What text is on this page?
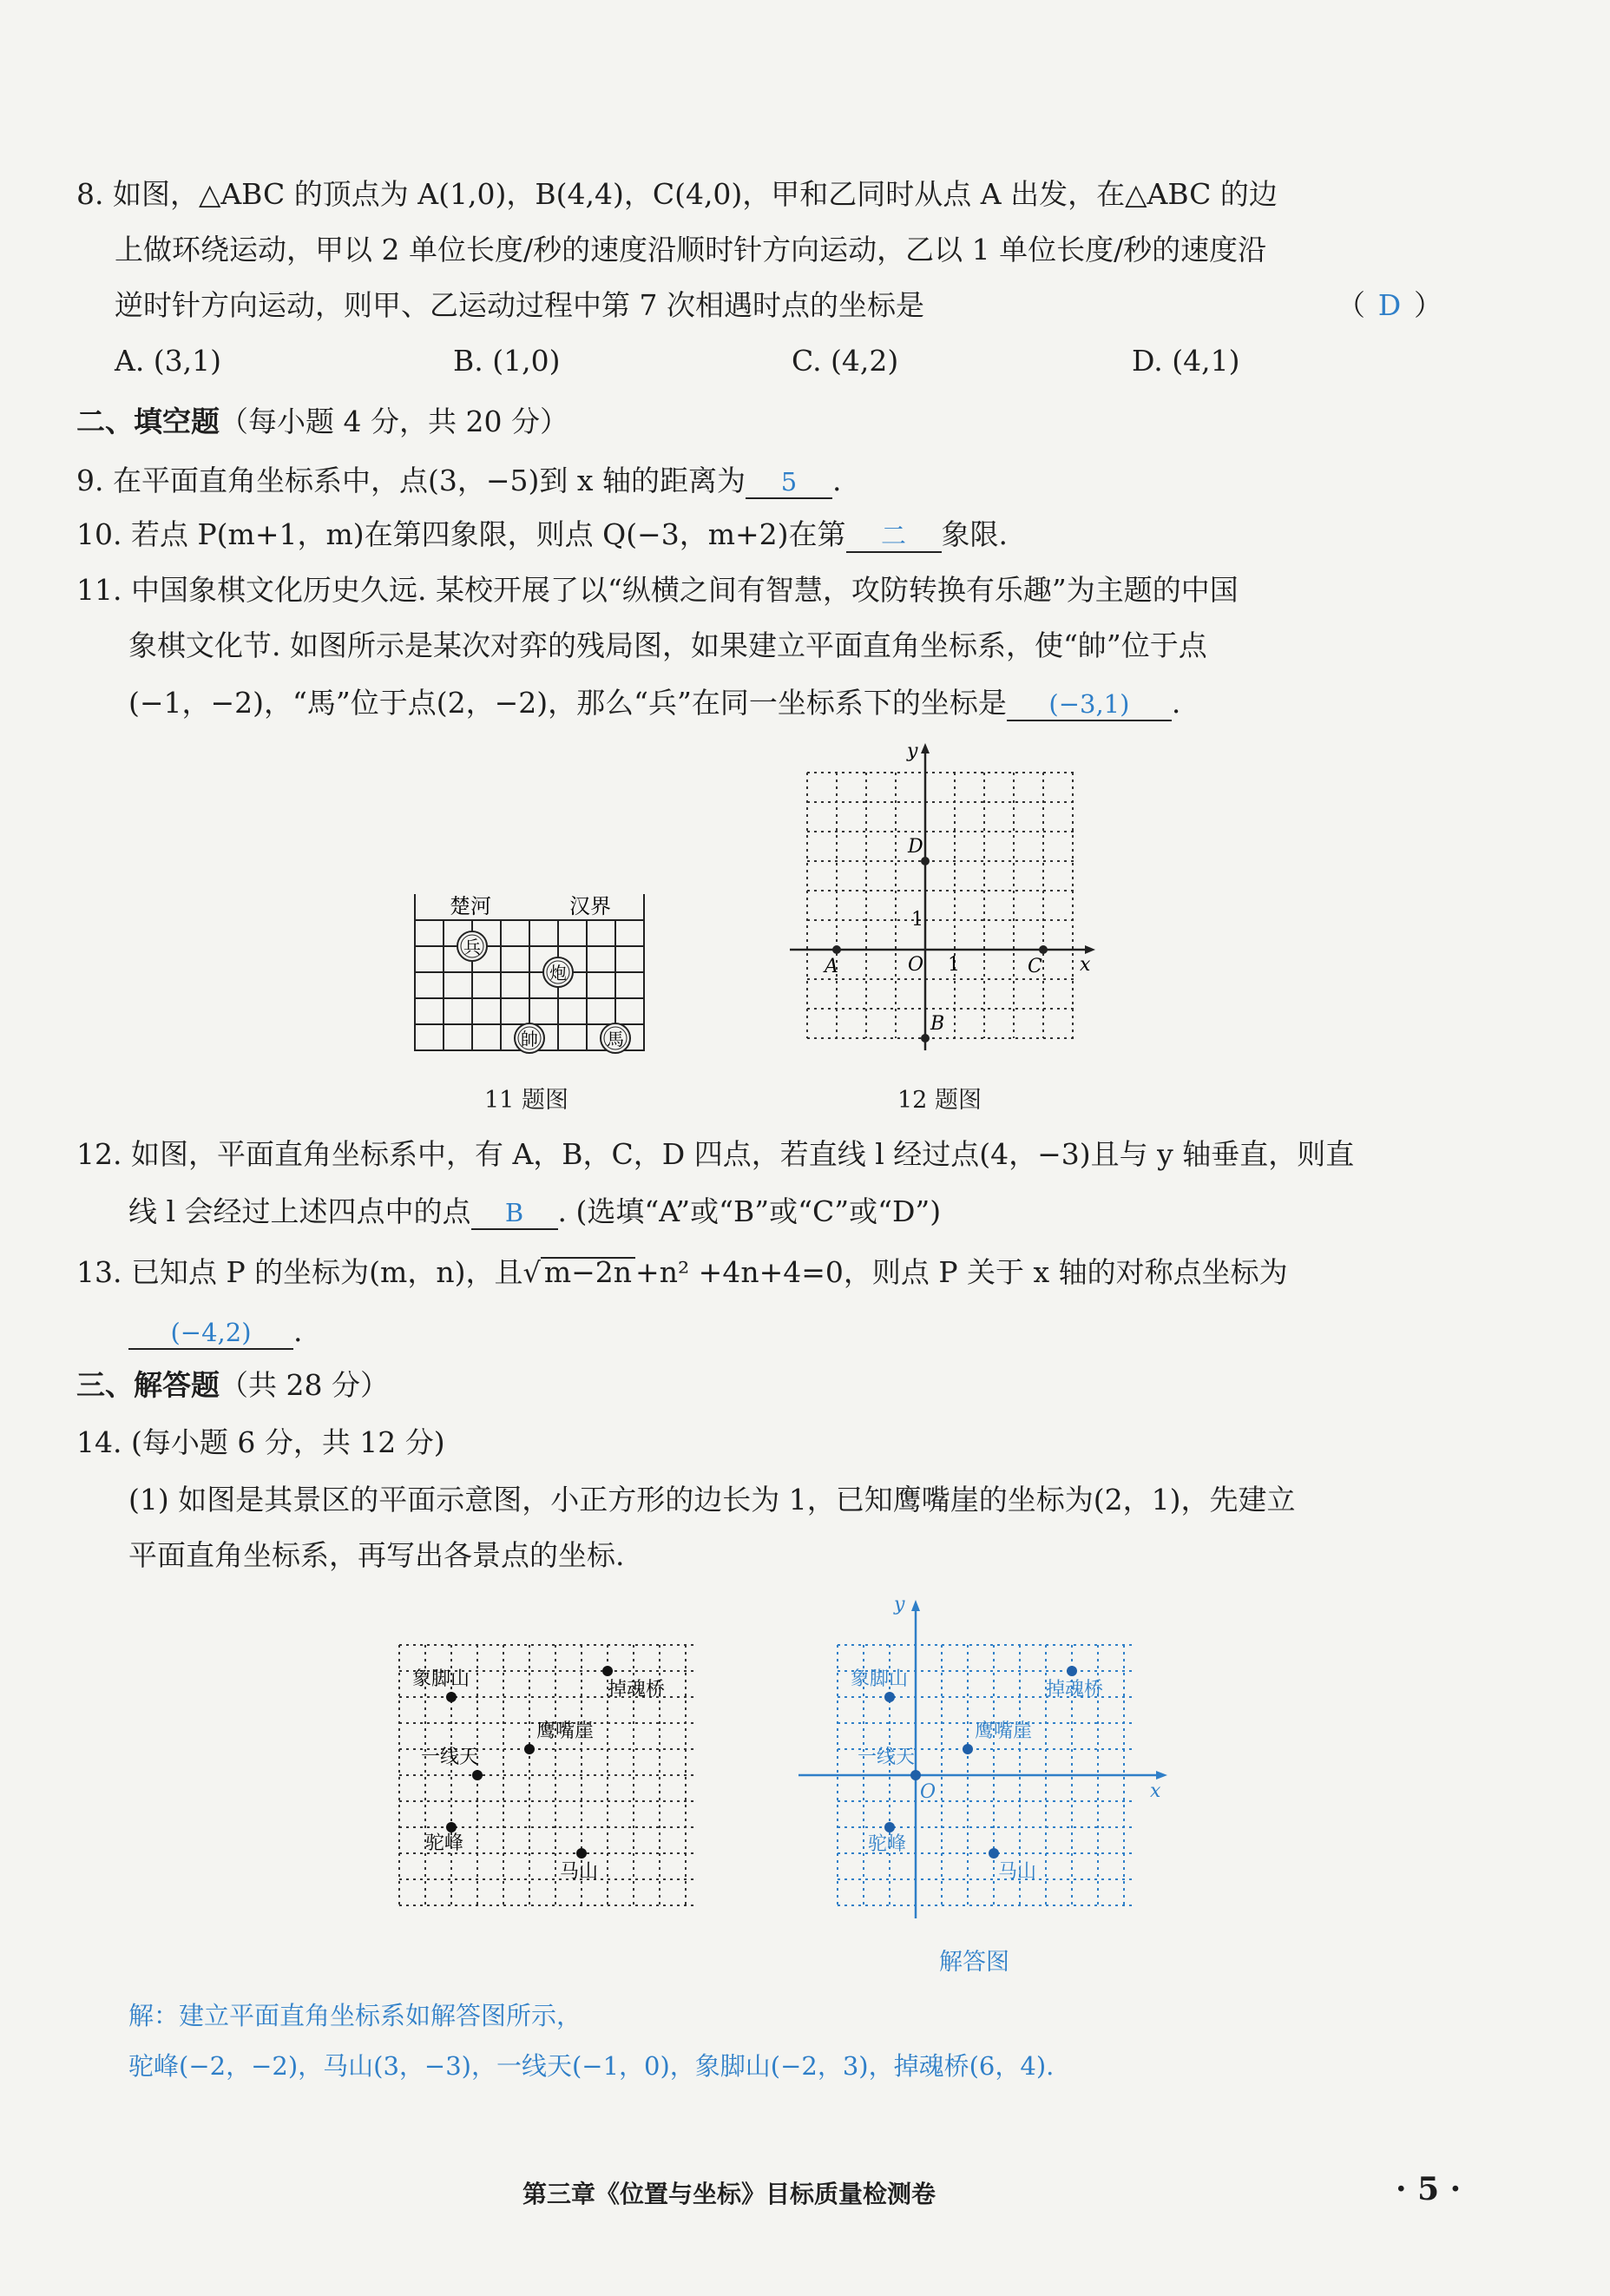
8. 如图，△ABC 的顶点为 A(1,0)，B(4,4)，C(4,0)，甲和乙同时从点 A 出发，在△ABC 的边
上做环绕运动，甲以 2 单位长度/秒的速度沿顺时针方向运动，乙以 1 单位长度/秒的速度沿
逆时针方向运动，则甲、乙运动过程中第 7 次相遇时点的坐标是	（ D ）
A. (3,1)	B. (1,0)	C. (4,2)	D. (4,1)
二、填空题（每小题 4 分，共 20 分）
9. 在平面直角坐标系中，点(3，−5)到 x 轴的距离为 5 .
10. 若点 P(m+1，m)在第四象限，则点 Q(−3，m+2)在第 二 象限.
11. 中国象棋文化历史久远. 某校开展了以“纵横之间有智慧，攻防转换有乐趣”为主题的中国
象棋文化节. 如图所示是某次对弈的残局图，如果建立平面直角坐标系，使“帥”位于点
(−1，−2)，“馬”位于点(2，−2)，那么“兵”在同一坐标系下的坐标是 (−3,1) .
楚河	汉界
兵
炮
帥	馬
11 题图
x
y
O 1
1
A	C
D
B
12 题图
12. 如图，平面直角坐标系中，有 A，B，C，D 四点，若直线 l 经过点(4，−3)且与 y 轴垂直，则直
线 l 会经过上述四点中的点 B . (选填“A”或“B”或“C”或“D”)
13. 已知点 P 的坐标为(m，n)，且√ m−2n +n² +4n+4=0，则点 P 关于 x 轴的对称点坐标为
(−4,2) .
三、解答题（共 28 分）
14. (每小题 6 分，共 12 分)
(1) 如图是其景区的平面示意图，小正方形的边长为 1，已知鹰嘴崖的坐标为(2，1)，先建立
平面直角坐标系，再写出各景点的坐标.
象脚山	掉魂桥
鹰嘴崖
一线天
驼峰
马山
x
y
O
象脚山	掉魂桥
鹰嘴崖
一线天
驼峰
马山
解答图
解：建立平面直角坐标系如解答图所示，
驼峰(−2，−2)，马山(3，−3)，一线天(−1，0)，象脚山(−2，3)，掉魂桥(6，4).
第三章《位置与坐标》目标质量检测卷	· 5 ·
